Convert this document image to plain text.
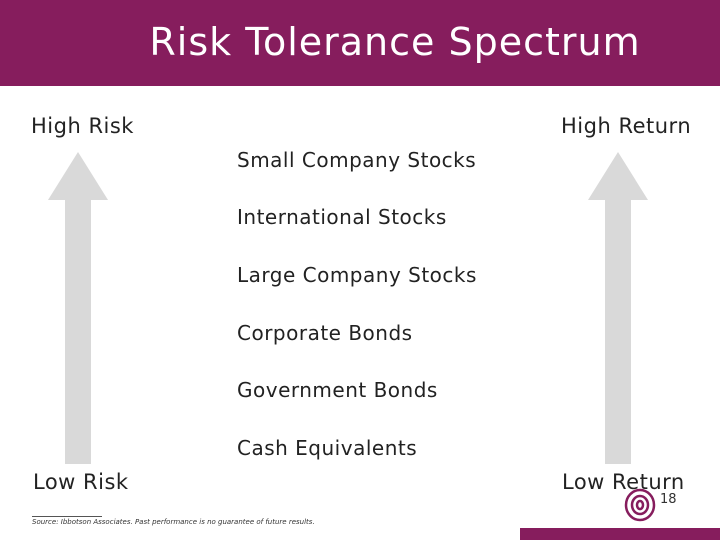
Risk Tolerance Spectrum
High Risk	High Return
Low Risk	Low Return
Small Company Stocks
International Stocks
Large Company Stocks
Corporate Bonds
Government Bonds
Cash Equivalents
18
Source: Ibbotson Associates. Past performance is no guarantee of future results.
